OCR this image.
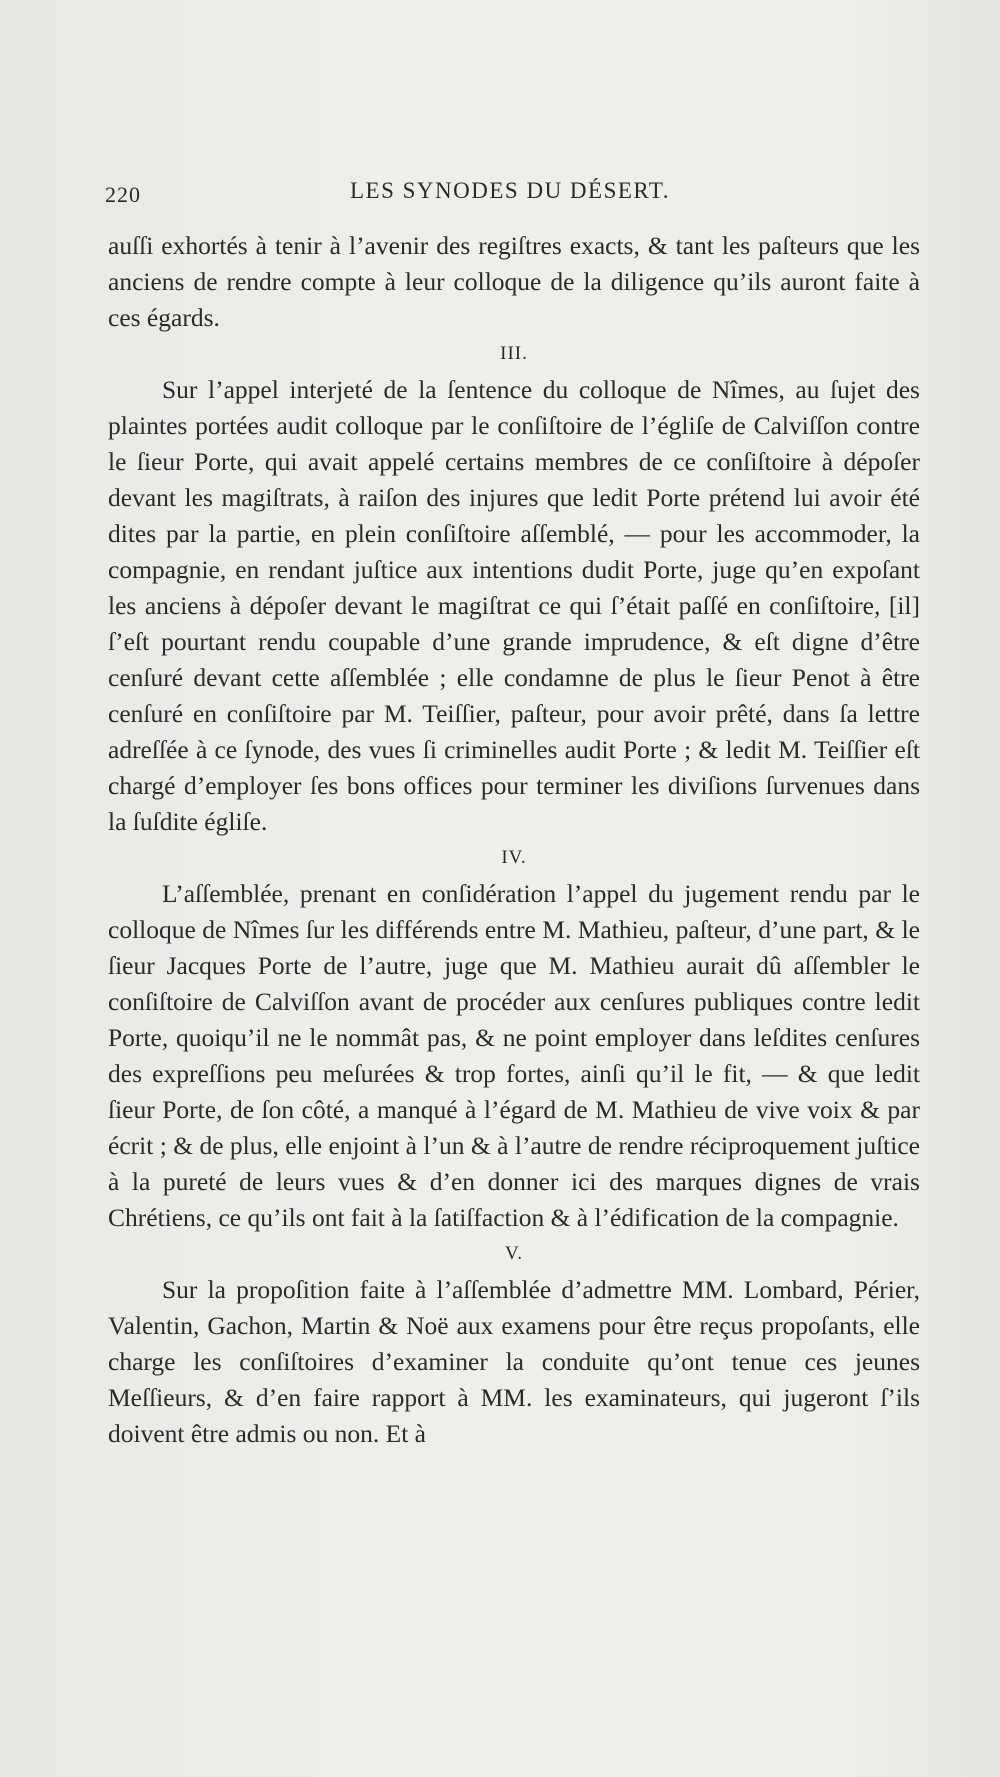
220	LES SYNODES DU DÉSERT.

auſſi exhortés à tenir à l’avenir des regiſtres exacts, & tant les paſteurs que les anciens de rendre compte à leur colloque de la diligence qu’ils auront faite à ces égards.

III.

Sur l’appel interjeté de la ſentence du colloque de Nîmes, au ſujet des plaintes portées audit colloque par le conſiſtoire de l’égliſe de Calviſſon contre le ſieur Porte, qui avait appelé certains membres de ce conſiſtoire à dépoſer devant les magiſtrats, à raiſon des injures que ledit Porte prétend lui avoir été dites par la partie, en plein conſiſtoire aſſemblé, — pour les accommoder, la compagnie, en rendant juſtice aux intentions dudit Porte, juge qu’en expoſant les anciens à dépoſer devant le magiſtrat ce qui ſ’était paſſé en conſiſtoire, [il] ſ’eſt pourtant rendu coupable d’une grande imprudence, & eſt digne d’être cenſuré devant cette aſſemblée ; elle condamne de plus le ſieur Penot à être cenſuré en conſiſtoire par M. Teiſſier, paſteur, pour avoir prêté, dans ſa lettre adreſſée à ce ſynode, des vues ſi criminelles audit Porte ; & ledit M. Teiſſier eſt chargé d’employer ſes bons offices pour terminer les diviſions ſurvenues dans la ſuſdite égliſe.

IV.

L’aſſemblée, prenant en conſidération l’appel du jugement rendu par le colloque de Nîmes ſur les différends entre M. Mathieu, paſteur, d’une part, & le ſieur Jacques Porte de l’autre, juge que M. Mathieu aurait dû aſſembler le conſiſtoire de Calviſſon avant de procéder aux cenſures publiques contre ledit Porte, quoiqu’il ne le nommât pas, & ne point employer dans leſdites cenſures des expreſſions peu meſurées & trop fortes, ainſi qu’il le fit, — & que ledit ſieur Porte, de ſon côté, a manqué à l’égard de M. Mathieu de vive voix & par écrit ; & de plus, elle enjoint à l’un & à l’autre de rendre réciproquement juſtice à la pureté de leurs vues & d’en donner ici des marques dignes de vrais Chrétiens, ce qu’ils ont fait à la ſatiſfaction & à l’édification de la compagnie.

V.

Sur la propoſition faite à l’aſſemblée d’admettre MM. Lombard, Périer, Valentin, Gachon, Martin & Noë aux examens pour être reçus propoſants, elle charge les conſiſtoires d’examiner la conduite qu’ont tenue ces jeunes Meſſieurs, & d’en faire rapport à MM. les examinateurs, qui jugeront ſ’ils doivent être admis ou non. Et à
